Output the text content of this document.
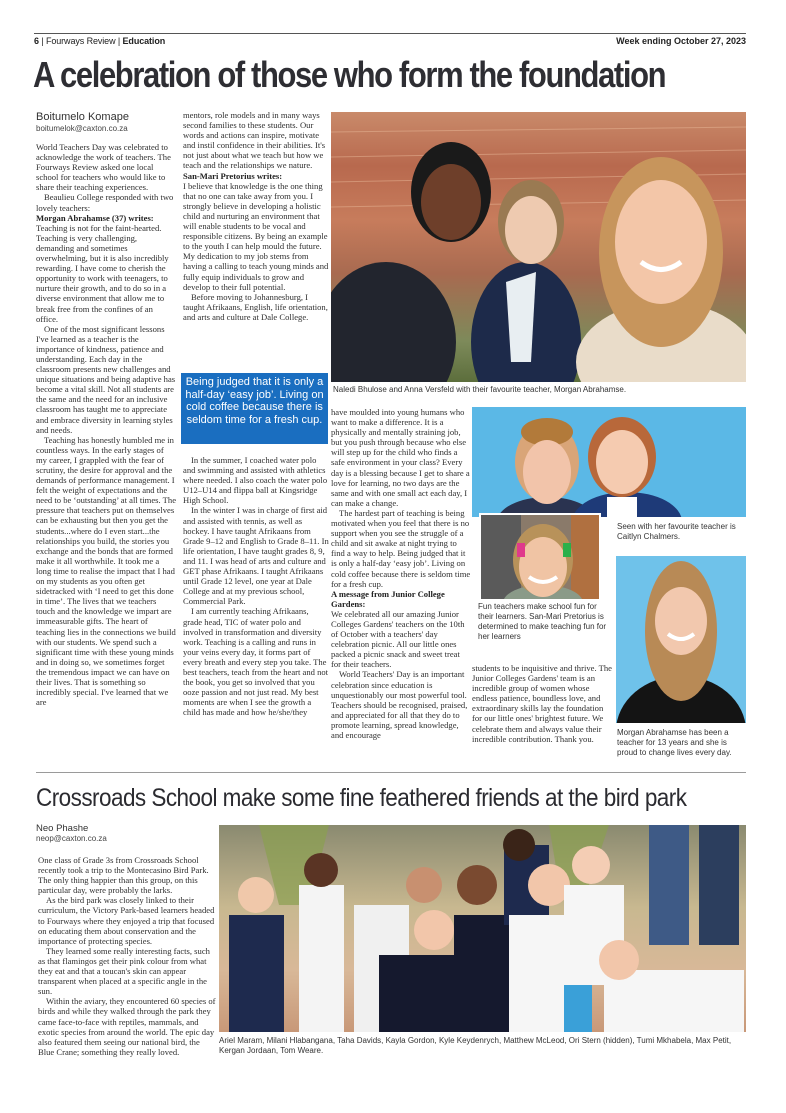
6 | Fourways Review | Education	Week ending October 27, 2023
A celebration of those who form the foundation
Boitumelo Komape
boitumelok@caxton.co.za

World Teachers Day was celebrated to acknowledge the work of teachers. The Fourways Review asked one local school for teachers who would like to share their teaching experiences.

Beaulieu College responded with two lovely teachers:

Morgan Abrahamse (37) writes:

Teaching is not for the faint-hearted. Teaching is very challenging, demanding and sometimes overwhelming, but it is also incredibly rewarding. I have come to cherish the opportunity to work with teenagers, to nurture their growth, and to do so in a diverse environment that allow me to break free from the confines of an office.

One of the most significant lessons I've learned as a teacher is the importance of kindness, patience and understanding. Each day in the classroom presents new challenges and unique situations and being adaptive has become a vital skill. Not all students are the same and the need for an inclusive classroom has taught me to appreciate and embrace diversity in learning styles and needs.

Teaching has honestly humbled me in countless ways. In the early stages of my career, I grappled with the fear of scrutiny, the desire for approval and the demands of performance management. I felt the weight of expectations and the need to be ‘outstanding’ at all times. The pressure that teachers put on themselves can be exhausting but then you get the students...where do I even start...the relationships you build, the stories you exchange and the bonds that are formed make it all worthwhile. It took me a long time to realise the impact that I had on my students as you often get sidetracked with ‘I need to get this done in time’. The lives that we teachers touch and the knowledge we impart are immeasurable gifts. The heart of teaching lies in the connections we build with our students. We spend such a significant time with these young minds and in doing so, we sometimes forget the tremendous impact we can have on their lives. That is something so incredibly special. I've learned that we are

mentors, role models and in many ways second families to these students. Our words and actions can inspire, motivate and instil confidence in their abilities. It's not just about what we teach but how we teach and the relationships we nature.

San-Mari Pretorius writes:

I believe that knowledge is the one thing that no one can take away from you. I strongly believe in developing a holistic child and nurturing an environment that will enable students to be vocal and responsible citizens. By being an example to the youth I can help mould the future. My dedication to my job stems from having a calling to teach young minds and fully equip individuals to grow and develop to their full potential.

Before moving to Johannesburg, I taught Afrikaans, English, life orientation, and arts and culture at Dale College.

Being judged that it is only a half-day ‘easy job’. Living on cold coffee because there is seldom time for a fresh cup.

In the summer, I coached water polo and swimming and assisted with athletics where needed. I also coach the water polo U12–U14 and flippa ball at Kingsridge High School.

In the winter I was in charge of first aid and assisted with tennis, as well as hockey. I have taught Afrikaans from Grade 9–12 and English to Grade 8–11. In life orientation, I have taught grades 8, 9, and 11. I was head of arts and culture and GET phase Afrikaans. I taught Afrikaans until Grade 12 level, one year at Dale College and at my previous school, Commercial Park.

I am currently teaching Afrikaans, grade head, TIC of water polo and involved in transformation and diversity work. Teaching is a calling and runs in your veins every day, it forms part of every breath and every step you take. The best teachers, teach from the heart and not the book, you get so involved that you ooze passion and not just read. My best moments are when I see the growth a child has made and how he/she/they

Naledi Bhulose and Anna Versfeld with their favourite teacher, Morgan Abrahamse.

have moulded into young humans who want to make a difference. It is a physically and mentally straining job, but you push through because who else will step up for the child who finds a safe environment in your class? Every day is a blessing because I get to share a love for learning, no two days are the same and with one small act each day, I can make a change.

The hardest part of teaching is being motivated when you feel that there is no support when you see the struggle of a child and sit awake at night trying to find a way to help. Being judged that it is only a half-day ‘easy job’. Living on cold coffee because there is seldom time for a fresh cup.

A message from Junior College Gardens:

We celebrated all our amazing Junior Colleges Gardens' teachers on the 10th of October with a teachers' day celebration picnic. All our little ones packed a picnic snack and sweet treat for their teachers.

World Teachers' Day is an important celebration since education is unquestionably our most powerful tool. Teachers should be recognised, praised, and appreciated for all that they do to promote learning, spread knowledge, and encourage

Fun teachers make school fun for their learners. San-Mari Pretorius is determined to make teaching fun for her learners
Seen with her favourite teacher is Caitlyn Chalmers.
Morgan Abrahamse has been a teacher for 13 years and she is proud to change lives every day.

students to be inquisitive and thrive. The Junior Colleges Gardens' team is an incredible group of women whose endless patience, boundless love, and extraordinary skills lay the foundation for our little ones' brightest future. We celebrate them and always value their incredible contribution. Thank you.

Crossroads School make some fine feathered friends at the bird park
Neo Phashe
neop@caxton.co.za

One class of Grade 3s from Crossroads School recently took a trip to the Montecasino Bird Park. The only thing happier than this group, on this particular day, were probably the larks.

As the bird park was closely linked to their curriculum, the Victory Park-based learners headed to Fourways where they enjoyed a trip that focused on educating them about conservation and the importance of protecting species.

They learned some really interesting facts, such as that flamingos get their pink colour from what they eat and that a toucan's skin can appear transparent when placed at a specific angle in the sun.

Within the aviary, they encountered 60 species of birds and while they walked through the park they came face-to-face with reptiles, mammals, and exotic species from around the world. The epic day also featured them seeing our national bird, the Blue Crane; something they really loved.

Ariel Maram, Milani Hlabangana, Taha Davids, Kayla Gordon, Kyle Keydenrych, Matthew McLeod, Ori Stern (hidden), Tumi Mkhabela, Max Petit, Kergan Jordaan, Tom Weare.
